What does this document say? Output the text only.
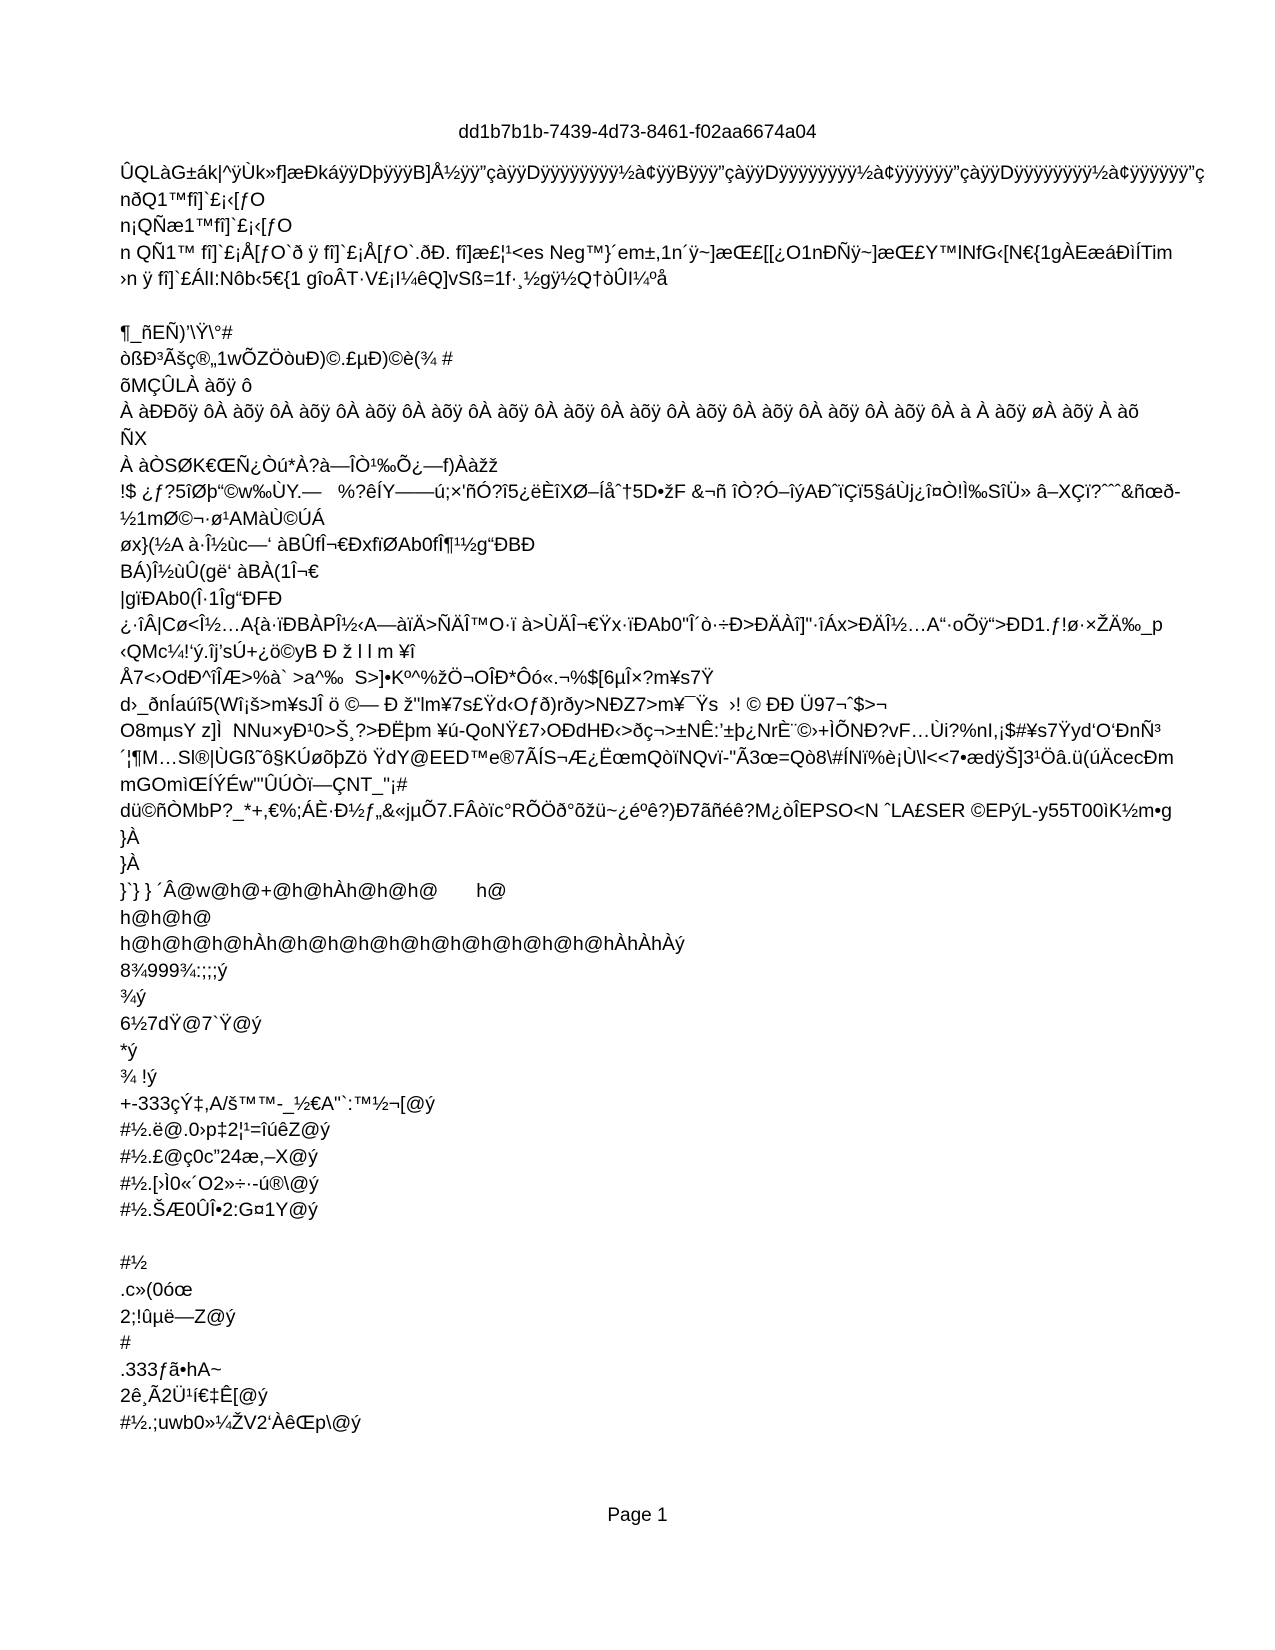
dd1b7b1b-7439-4d73-8461-f02aa6674a04
ÛQLàG±ák|^ÿÙk»f]æÐkáÿÿDþÿÿÿB]Å½ÿÿ”çàÿÿDÿÿÿÿÿÿÿÿ½à¢ÿÿBÿÿÿ”çàÿÿDÿÿÿÿÿÿÿÿ½à¢ÿÿÿÿÿÿ”çàÿÿDÿÿÿÿÿÿÿÿ½à¢ÿÿÿÿÿÿ”ç
nðQ1™fî]`£¡‹[ƒO
n¡QÑæ1™fî]`£¡‹[ƒO
n QÑ1™ fî]`£¡Å[ƒO`ð ÿ fî]`£¡Å[ƒO`.ðÐ. fî]æ£¦¹<es Neg™}´em±,1n´ÿ~]æŒ£[[¿O1nÐÑÿ~]æŒ£Y™lNfG‹[N€{1gÀEæá​ÐìÍTim
›n ÿ fî]`£ÁlI:Nôb‹5€{1 gîoÂT·V£¡I¼êQ]vSß=1f·¸½gÿ½Q†òÛI¼ºå
¶_ñEÑ)’\Ÿ\°#
òßÐ³Ãšç®„1wÕZÖòuÐ)©.£µÐ)©è(¾ #
õMÇÛLÀ àõÿ ô
À àÐÐõÿ ôÀ àõÿ ôÀ àõÿ ôÀ àõÿ ôÀ àõÿ ôÀ àõÿ ôÀ àõÿ ôÀ àõÿ ôÀ àõÿ ôÀ àõÿ ôÀ àõÿ ôÀ àõÿ ôÀ à À àõÿ øÀ àõÿ À àõ
ÑX
À àÒSØK€ŒÑ¿Òú*À?à—ÎÒ¹‰Õ¿—f)Ààžž
!$ ¿ƒ?5îØþ“©w‰ÙY.—   %?êÍY——ú;×'ñÓ?î5¿ëÈîXØ–Íåˆ†5D•žF &¬ñ îÒ?Ó–îýAÐˆïÇï5§áÙj¿î¤Ò!Ì‰SîÜ» â–XÇï?ˆˆˆ&ñœð-
½1mØ©¬·ø¹AMàÙ©ÚÁ
øx}(½A à·Î½ùc—‘ àBÛfÎ¬€ÐxfïØAb0fÎ¶¹½g“ÐBÐ
BÁ)Î½ùÛ(gë‘ àBÀ(1Î¬€
|gïÐAb0(Î·1Îg“ÐFÐ
¿·îÂ|Cø<Î½…A{à·ïÐBÀPÎ½‹A—àïÄ>ÑÄÎ™O·ï à>ÙÄÎ¬€Ÿx·ïÐAb0"Î´ò·÷Ð>ÐÄÀî]"·îÁx>ÐÄÎ½…A“·oÕÿ“>ÐD1.ƒ!ø·×ŽÄ‰_p
‹QMc¼!‘ý.îj’sÚ+¿ö©yB Ð ž l l m ¥î
Å7<›OdÐ^îÎÆ>%à` >a^‰  S>]•Kº^%žÖ¬OÎÐ*Ôó«.¬%$[6µÎ×?m¥s7Ÿ
d›_ðnÍaúî5(Wî¡š>m¥sJÎ ö ©— Ð ž"lm¥7s£Ÿd‹Oƒð)rðy>NÐZ7>m¥¯Ÿs  ›! © ÐÐ Ü97¬ˆ$>¬
O8mµsY z]Ì  NNu×yÐ¹0>Š¸?>ÐËþm ¥ú-QoNŸ£7›OÐdHÐ‹>ðç¬>±NÊ:’±þ¿NrÈ¨©›+ÌÕNÐ?vF…Ùi?%nI,¡$#¥s7Ÿyd‘O‘ÐnÑ³
´¦¶M…Sl®|ÙGß˜ô§KÚøõþZö ŸdY@EED™e®7ÃÍS¬Æ¿ËœmQòïNQvï-"Ã3œ=Qò8\#ÍNï%è¡Ù\l<<7•ædÿŠ]3¹Öâ.ü(úÄcecÐm
mGOmìŒÍÝÉw"'ÛÚÒï—ÇNT_"¡#
dü©ñÒMbP?_*+,€%;ÁÈ·Ð½ƒ„&«jµÕ7.FÂòïc°RÕÖð°õžü~¿éºê?)Ð7ãñéê?M¿òÎEPSO<N ˆLA£SER ©EPýL-y55T00ìK½m•g
}À
}À
}`} } ´Â@w@h@+@h@hÀh@h@h@       h@
h@h@h@
h@h@h@h@hÀh@h@h@h@h@h@h@h@h@h@h@hÀhÀhÀý
8¾999¾:;;;ý
¾ý
6½7dŸ@7`Ÿ@ý
*ý
¾ !ý
+-333çÝ‡,A/š™™-_½€A"`:™½¬[@ý
#½.ë@.0›p‡2¦¹=îúêZ@ý
#½.£@ç0c”24æ,–X@ý
#½.[›Ì0«´O2»÷·-ú®\@ý
#½.ŠÆ0ÛÎ•2:G¤1Y@ý
#½
.c»(0óœ
2;!ûµë—Z@ý
#
.333ƒã•hA~
2ê¸Ã2Ü¹í€‡Ê[@ý
#½.;uwb0»¼ŽV2‘ÀêŒp\@ý
Page 1
